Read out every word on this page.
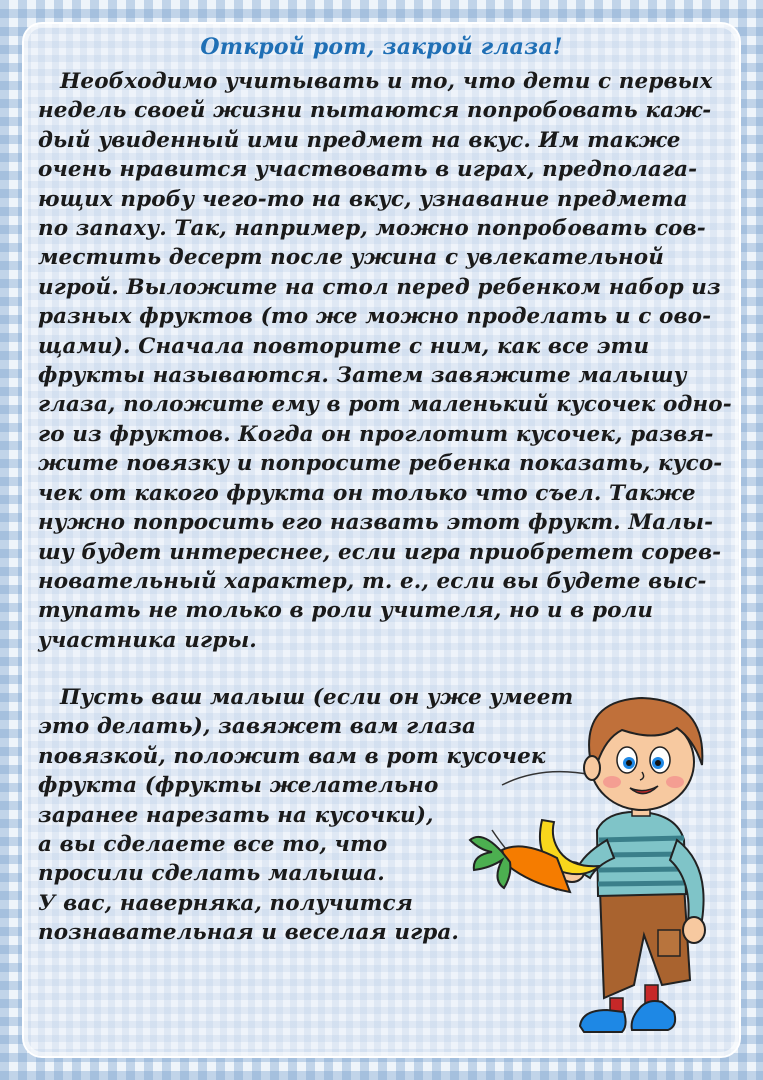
Открой рот, закрой глаза!

Необходимо учитывать и то, что дети с первых
недель своей жизни пытаются попробовать каж-
дый увиденный ими предмет на вкус. Им также
очень нравится участвовать в играх, предполага-
ющих пробу чего-то на вкус, узнавание предмета
по запаху. Так, например, можно попробовать сов-
местить десерт после ужина с увлекательной
игрой. Выложите на стол перед ребенком набор из
разных фруктов (то же можно проделать и с ово-
щами). Сначала повторите с ним, как все эти
фрукты называются. Затем завяжите малышу
глаза, положите ему в рот маленький кусочек одно-
го из фруктов. Когда он проглотит кусочек, развя-
жите повязку и попросите ребенка показать, кусо-
чек от какого фрукта он только что съел. Также
нужно попросить его назвать этот фрукт. Малы-
шу будет интереснее, если игра приобретет сорев-
новательный характер, т. е., если вы будете выс-
тупать не только в роли учителя, но и в роли
участника игры.

Пусть ваш малыш (если он уже умеет
это делать), завяжет вам глаза
повязкой, положит вам в рот кусочек
фрукта (фрукты желательно
заранее нарезать на кусочки),
а вы сделаете все то, что
просили сделать малыша.
У вас, наверняка, получится
познавательная и веселая игра.
